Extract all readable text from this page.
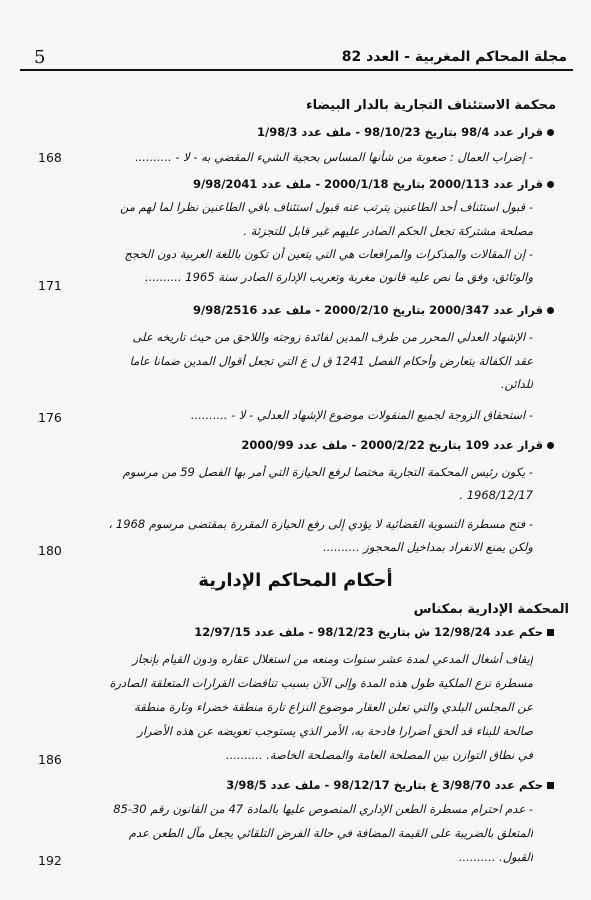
مجلة المحاكم المغربية - العدد 82
5
محكمة الاستئناف التجارية بالدار البيضاء
قرار عدد 98/4 بتاريخ 98/10/23 - ملف عدد 1/98/3
- إضراب العمال : صعوبة من شأنها المساس بحجية الشيء المقضي به - لا - ..........
168
قرار عدد 2000/113 بتاريخ 2000/1/18 - ملف عدد 9/98/2041
- قبول استئناف أحد الطاعنين يترتب عنه قبول استئناف باقي الطاعنين نظرا لما لهم من
مصلحة مشتركة تجعل الحكم الصادر عليهم غير قابل للتجزئة .
- إن المقالات والمذكرات والمرافعات هي التي يتعين أن تكون باللغة العربية دون الحجج
والوثائق، وفق ما نص عليه قانون مغربة وتعريب الإدارة الصادر سنة 1965 ..........
171
قرار عدد 2000/347 بتاريخ 2000/2/10 - ملف عدد 9/98/2516
- الإشهاد العدلي المحرر من طرف المدين لفائدة زوجته واللاحق من حيث تاريخه على
عقد الكفالة يتعارض وأحكام الفصل 1241 ق ل ع التي تجعل أقوال المدين ضمانا عاما
للدائن.
- استحقاق الزوجة لجميع المنقولات موضوع الإشهاد العدلي - لا - ..........
176
قرار عدد 109 بتاريخ 2000/2/22 - ملف عدد 2000/99
- يكون رئيس المحكمة التجارية مختصا لرفع الحيازة التي أمر بها الفصل 59 من مرسوم
1968/12/17 .
- فتح مسطرة التسوية القضائية لا يؤدي إلى رفع الحيازة المقررة بمقتضى مرسوم 1968 ،
ولكن يمنع الانفراد بمداخيل المحجوز ..........
180
أحكام المحاكم الإدارية
المحكمة الإدارية بمكناس
حكم عدد 12/98/24 ش بتاريخ 98/12/23 - ملف عدد 12/97/15
إيقاف أشغال المدعي لمدة عشر سنوات ومنعه من استغلال عقاره ودون القيام بإنجاز
مسطرة نزع الملكية طول هذه المدة وإلى الآن بسبب تناقضات القرارات المتعلقة الصادرة
عن المجلس البلدي والتي تعلن العقار موضوع النزاع تارة منطقة خضراء وتارة منطقة
صالحة للبناء قد ألحق أضرارا فادحة به، الأمر الذي يستوجب تعويضه عن هذه الأضرار
في نطاق التوازن بين المصلحة العامة والمصلحة الخاصة. ..........
186
حكم عدد 3/98/70 غ بتاريخ 98/12/17 - ملف عدد 3/98/5
- عدم احترام مسطرة الطعن الإداري المنصوص عليها بالمادة 47 من القانون رقم 30-85
المتعلق بالضريبة على القيمة المضافة في حالة الفرض التلقائي يجعل مآل الطعن عدم
القبول. ..........
192
